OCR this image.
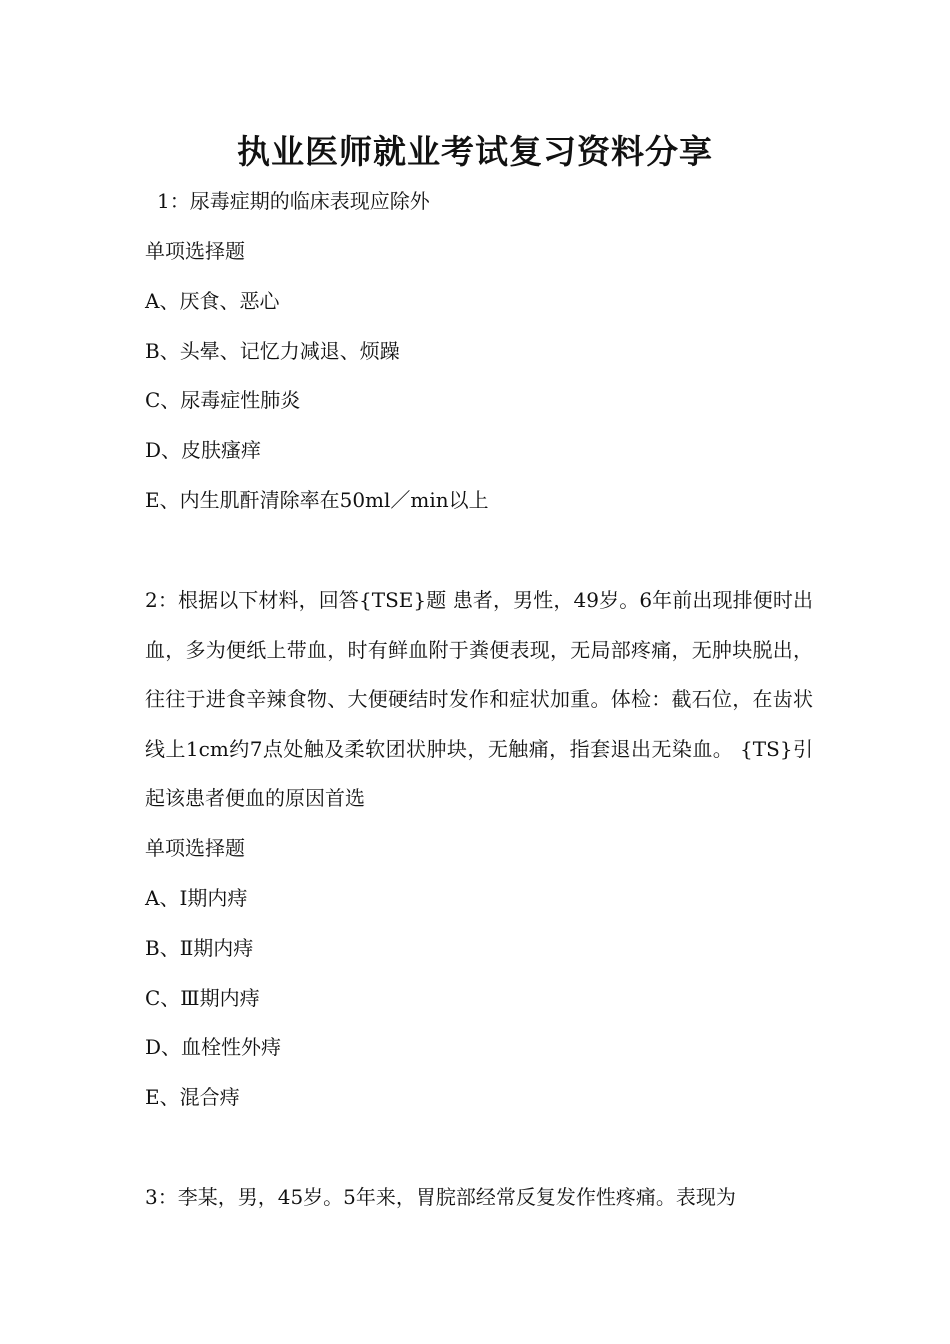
执业医师就业考试复习资料分享

1：尿毒症期的临床表现应除外

单项选择题

A、厌食、恶心

B、头晕、记忆力减退、烦躁

C、尿毒症性肺炎

D、皮肤瘙痒

E、内生肌酐清除率在50ml／min以上

2：根据以下材料，回答{TSE}题 患者，男性，49岁。6年前出现排便时出血，多为便纸上带血，时有鲜血附于粪便表现，无局部疼痛，无肿块脱出，往往于进食辛辣食物、大便硬结时发作和症状加重。体检：截石位，在齿状线上1cm约7点处触及柔软团状肿块，无触痛，指套退出无染血。 {TS}引起该患者便血的原因首选

单项选择题

A、I期内痔

B、Ⅱ期内痔

C、Ⅲ期内痔

D、血栓性外痔

E、混合痔

3：李某，男，45岁。5年来，胃脘部经常反复发作性疼痛。表现为
